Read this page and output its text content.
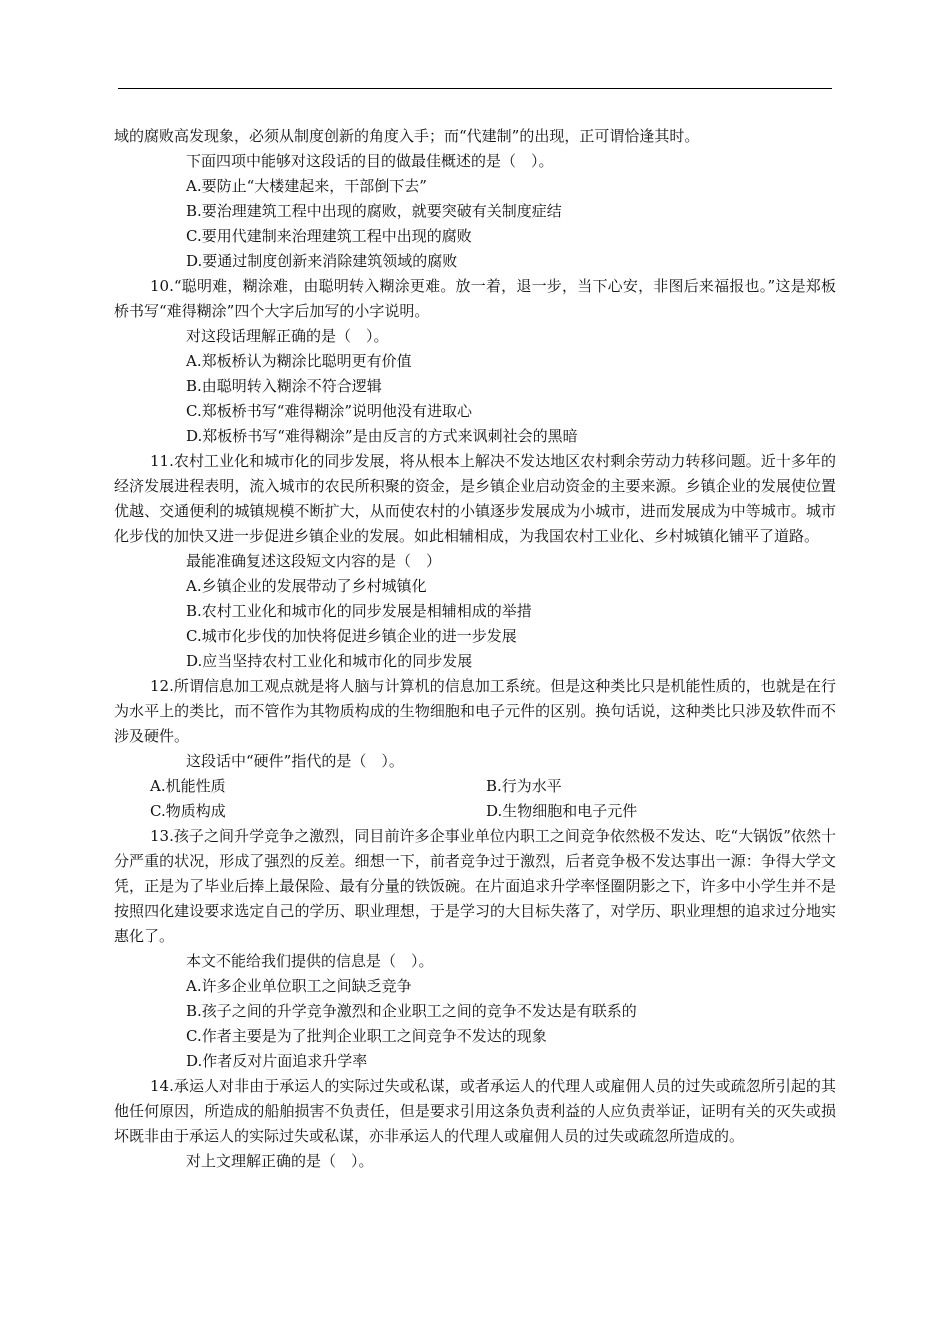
域的腐败高发现象，必须从制度创新的角度入手；而“代建制”的出现，正可谓恰逢其时。

下面四项中能够对这段话的目的做最佳概述的是（　）。

A.要防止“大楼建起来，干部倒下去”

B.要治理建筑工程中出现的腐败，就要突破有关制度症结

C.要用代建制来治理建筑工程中出现的腐败

D.要通过制度创新来消除建筑领域的腐败

10.“聪明难，糊涂难，由聪明转入糊涂更难。放一着，退一步，当下心安，非图后来福报也。”这是郑板桥书写“难得糊涂”四个大字后加写的小字说明。

对这段话理解正确的是（　）。

A.郑板桥认为糊涂比聪明更有价值

B.由聪明转入糊涂不符合逻辑

C.郑板桥书写“难得糊涂”说明他没有进取心

D.郑板桥书写“难得糊涂”是由反言的方式来讽刺社会的黑暗

11.农村工业化和城市化的同步发展，将从根本上解决不发达地区农村剩余劳动力转移问题。近十多年的经济发展进程表明，流入城市的农民所积聚的资金，是乡镇企业启动资金的主要来源。乡镇企业的发展使位置优越、交通便利的城镇规模不断扩大，从而使农村的小镇逐步发展成为小城市，进而发展成为中等城市。城市化步伐的加快又进一步促进乡镇企业的发展。如此相辅相成，为我国农村工业化、乡村城镇化铺平了道路。

最能准确复述这段短文内容的是（　）

A.乡镇企业的发展带动了乡村城镇化

B.农村工业化和城市化的同步发展是相辅相成的举措

C.城市化步伐的加快将促进乡镇企业的进一步发展

D.应当坚持农村工业化和城市化的同步发展

12.所谓信息加工观点就是将人脑与计算机的信息加工系统。但是这种类比只是机能性质的，也就是在行为水平上的类比，而不管作为其物质构成的生物细胞和电子元件的区别。换句话说，这种类比只涉及软件而不涉及硬件。

这段话中“硬件”指代的是（　）。

A.机能性质	B.行为水平
C.物质构成	D.生物细胞和电子元件

13.孩子之间升学竞争之激烈，同目前许多企事业单位内职工之间竞争依然极不发达、吃“大锅饭”依然十分严重的状况，形成了强烈的反差。细想一下，前者竞争过于激烈，后者竞争极不发达事出一源：争得大学文凭，正是为了毕业后捧上最保险、最有分量的铁饭碗。在片面追求升学率怪圈阴影之下，许多中小学生并不是按照四化建设要求选定自己的学历、职业理想，于是学习的大目标失落了，对学历、职业理想的追求过分地实惠化了。

本文不能给我们提供的信息是（　）。

A.许多企业单位职工之间缺乏竞争

B.孩子之间的升学竞争激烈和企业职工之间的竞争不发达是有联系的

C.作者主要是为了批判企业职工之间竞争不发达的现象

D.作者反对片面追求升学率

14.承运人对非由于承运人的实际过失或私谋，或者承运人的代理人或雇佣人员的过失或疏忽所引起的其他任何原因，所造成的船舶损害不负责任，但是要求引用这条负责利益的人应负责举证，证明有关的灭失或损坏既非由于承运人的实际过失或私谋，亦非承运人的代理人或雇佣人员的过失或疏忽所造成的。

对上文理解正确的是（　）。
